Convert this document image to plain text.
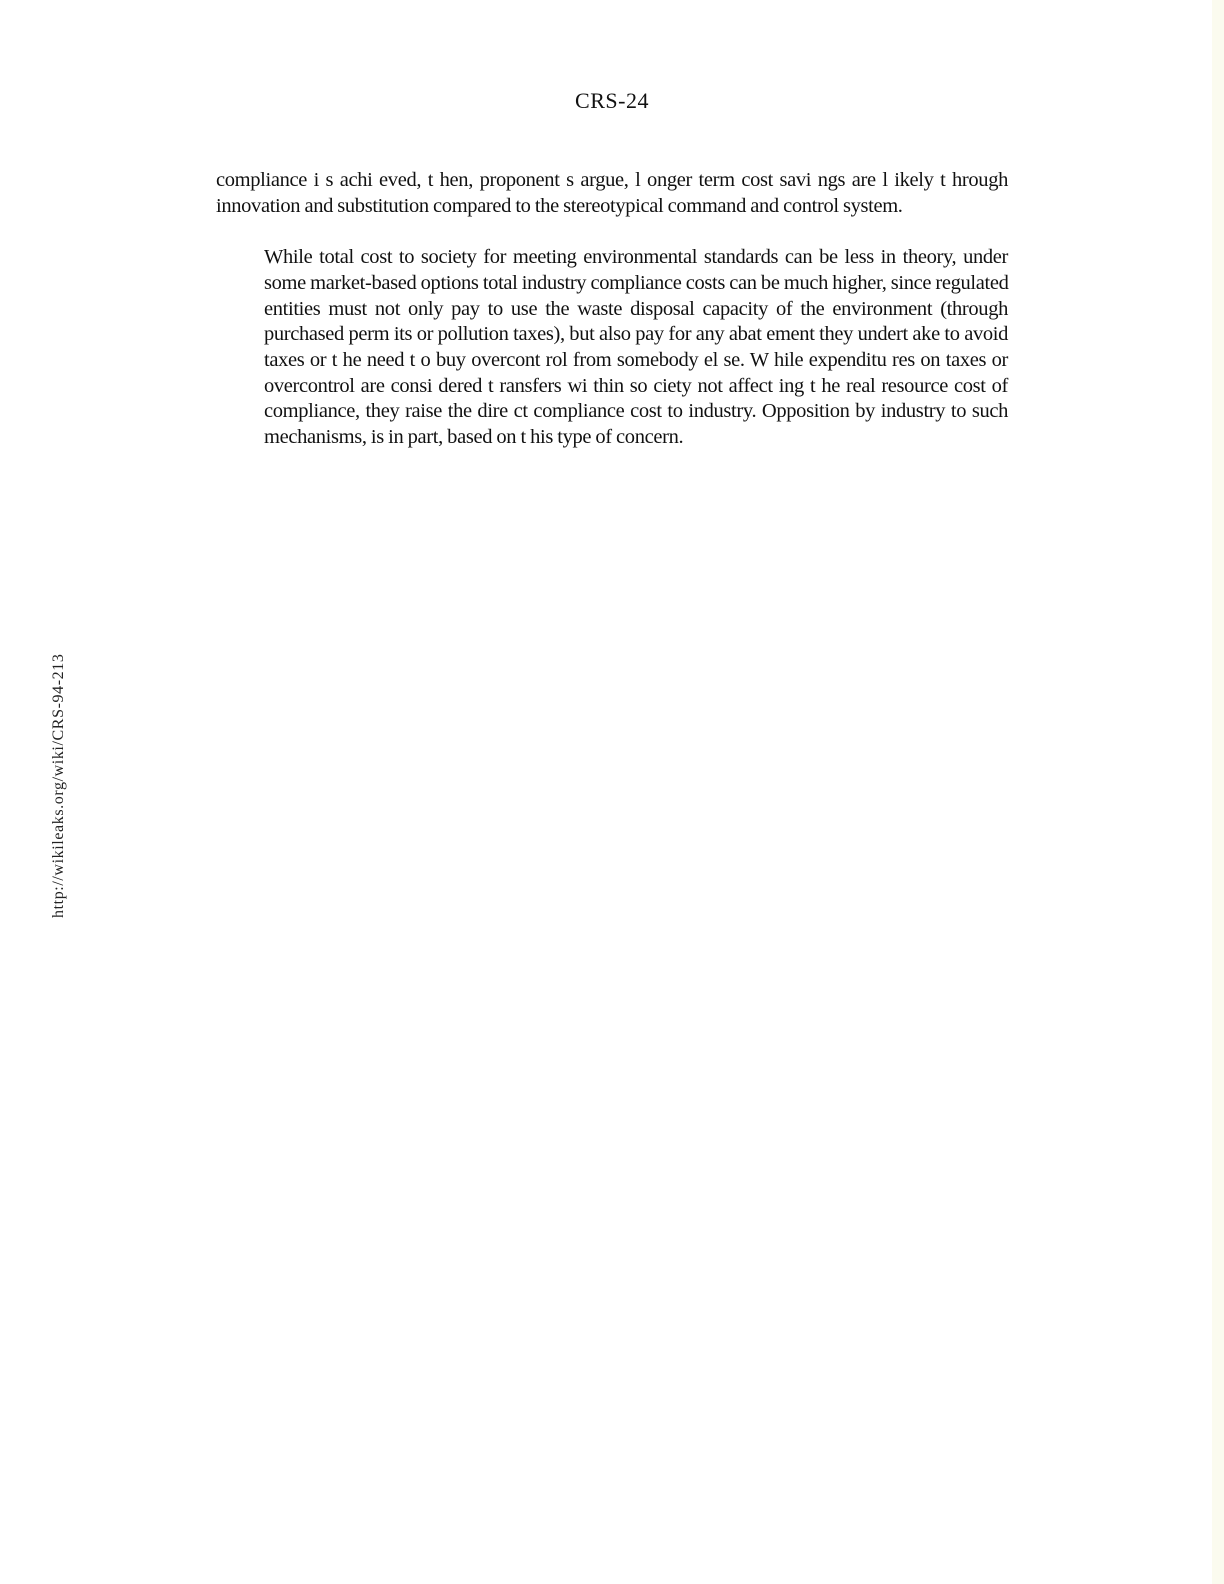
CRS-24

compliance i s achi eved, t hen, proponent s argue, l onger term cost savi ngs are l ikely t hrough
innovation and substitution compared to the stereotypical command and control system.

While total cost to society for meeting environmental standards can be less in theory, under
some market-based options total industry compliance costs can be much higher, since regulated
entities must not only pay to use the waste disposal capacity of the environment (through
purchased perm its or pollution taxes), but also pay for any abat ement they undert ake to avoid
taxes or t he need t o buy overcont rol from somebody el se. W hile expenditu res on taxes or
overcontrol are consi dered t ransfers wi thin so ciety not affect ing t he real resource cost of
compliance, they raise the dire ct compliance cost to industry. Opposition by industry to such
mechanisms, is in part, based on t his type of concern.

http://wikileaks.org/wiki/CRS-94-213
